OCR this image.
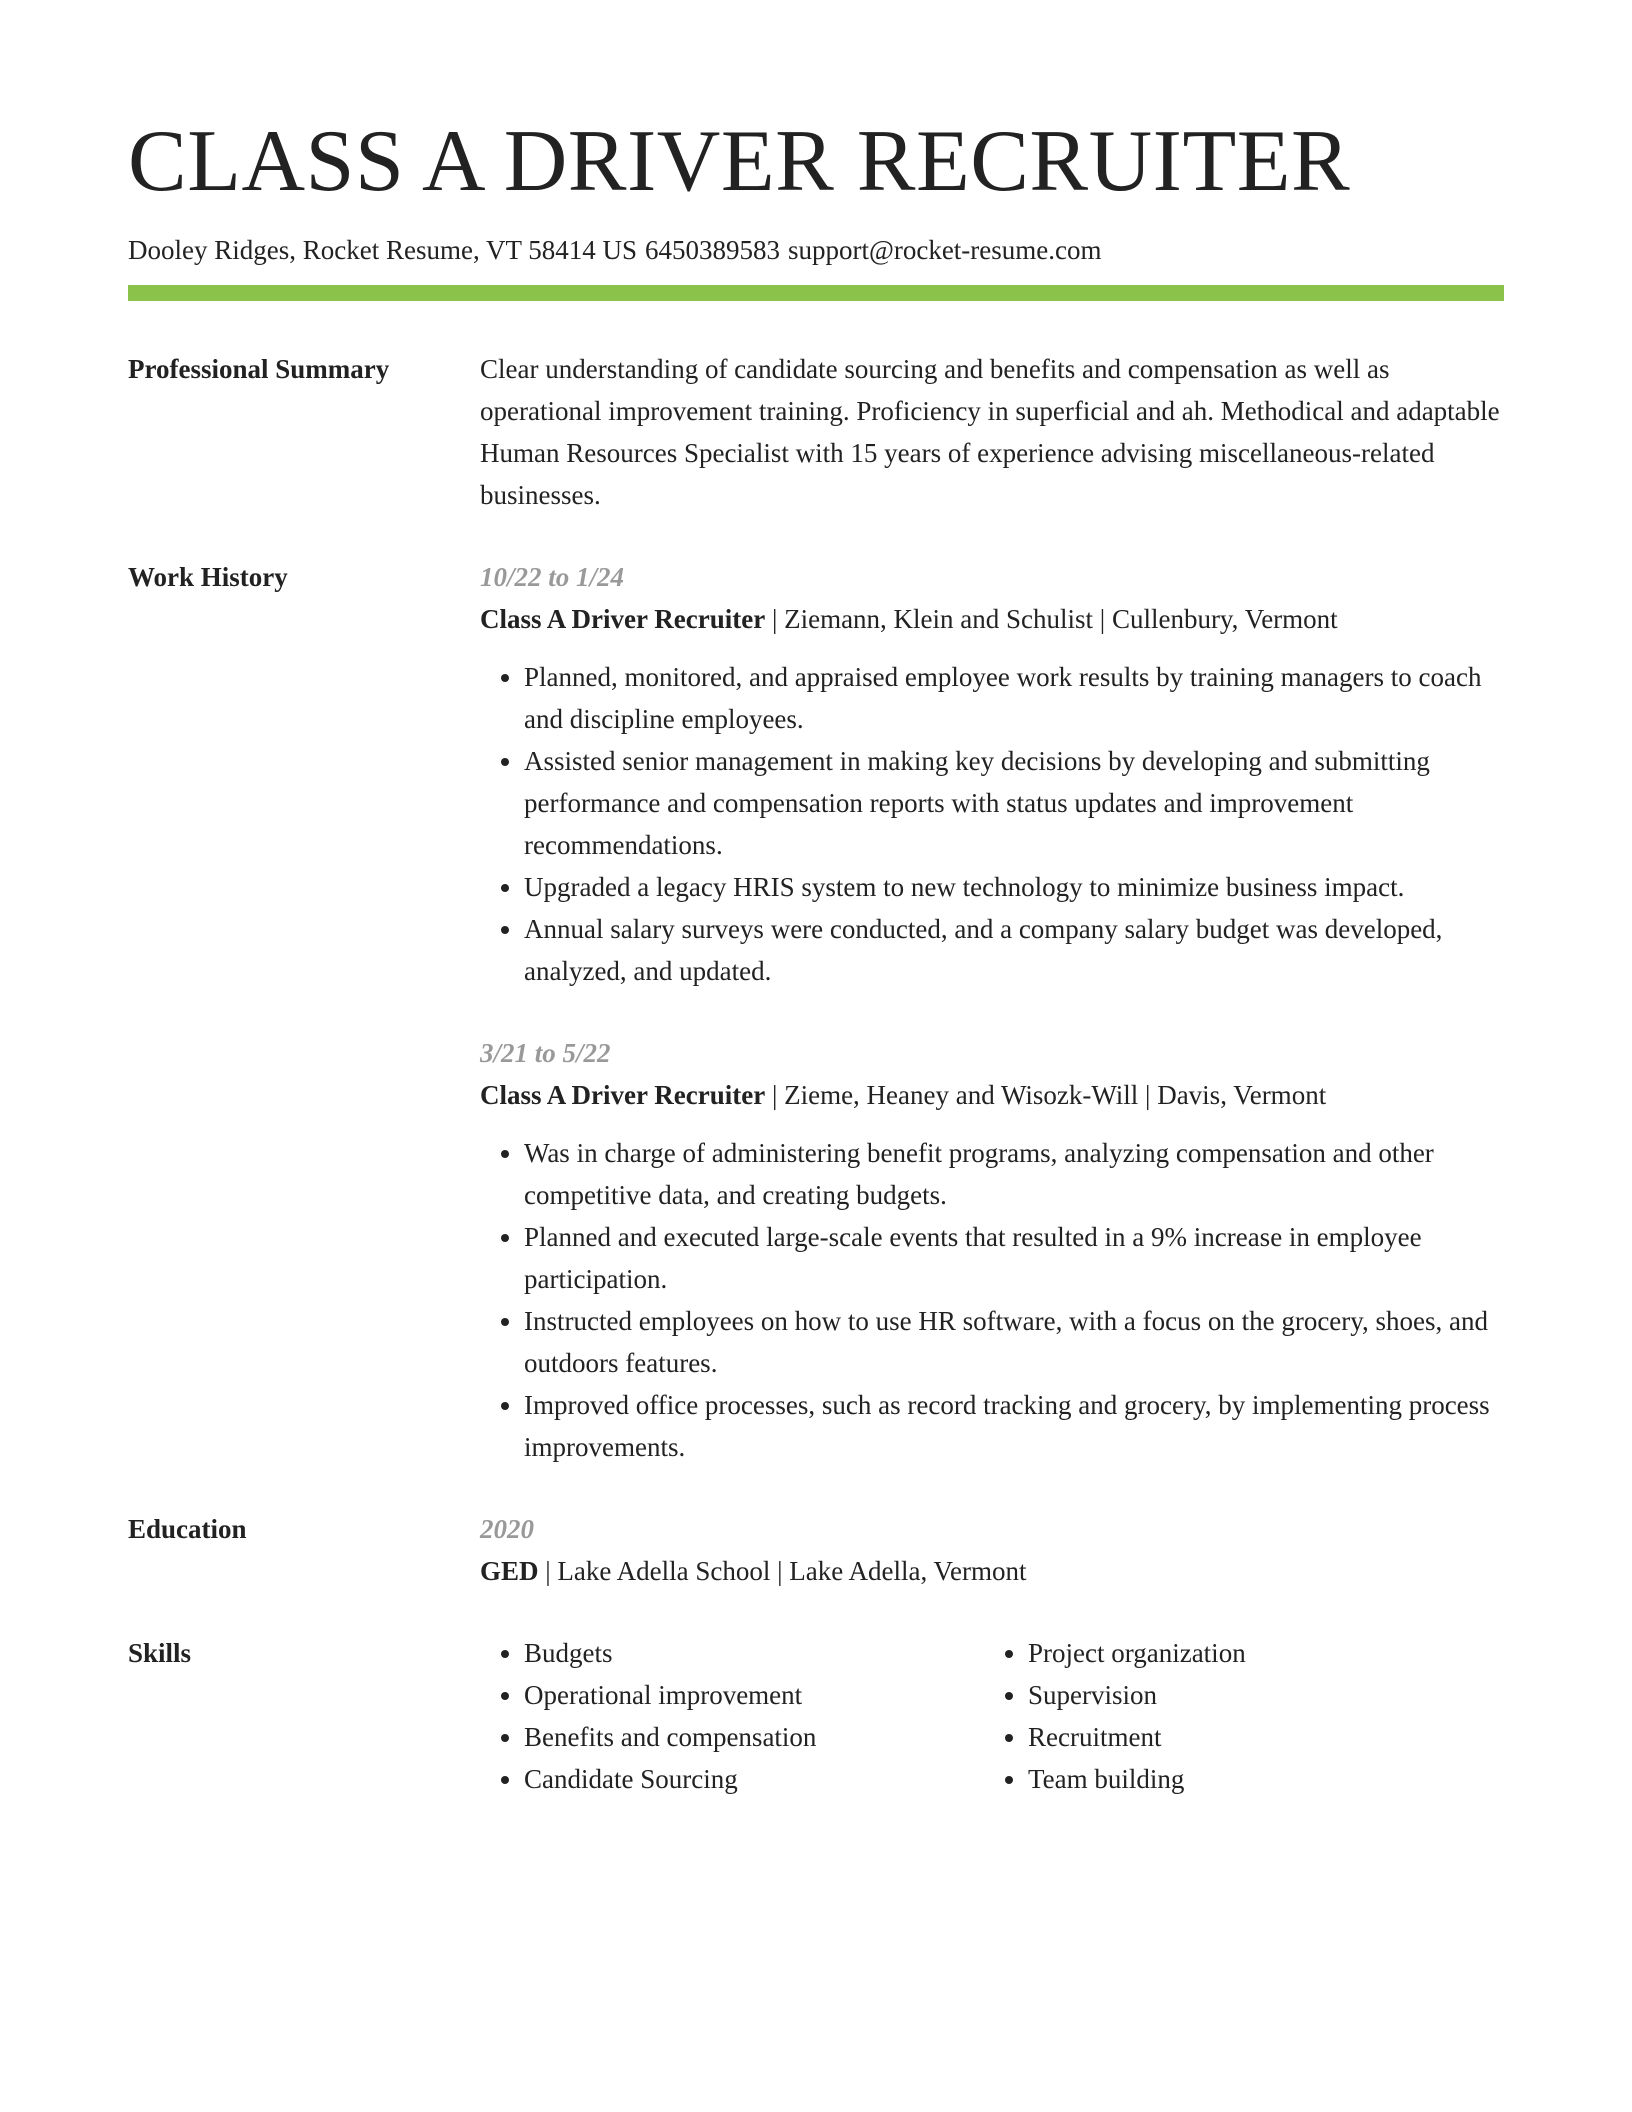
CLASS A DRIVER RECRUITER
Dooley Ridges, Rocket Resume, VT 58414 US 6450389583 support@rocket-resume.com
Professional Summary	Clear understanding of candidate sourcing and benefits and compensation as well as operational improvement training. Proficiency in superficial and ah. Methodical and adaptable Human Resources Specialist with 15 years of experience advising miscellaneous-related businesses.

Work History	10/22 to 1/24
Class A Driver Recruiter | Ziemann, Klein and Schulist | Cullenbury, Vermont
• Planned, monitored, and appraised employee work results by training managers to coach and discipline employees.
• Assisted senior management in making key decisions by developing and submitting performance and compensation reports with status updates and improvement recommendations.
• Upgraded a legacy HRIS system to new technology to minimize business impact.
• Annual salary surveys were conducted, and a company salary budget was developed, analyzed, and updated.
3/21 to 5/22
Class A Driver Recruiter | Zieme, Heaney and Wisozk-Will | Davis, Vermont
• Was in charge of administering benefit programs, analyzing compensation and other competitive data, and creating budgets.
• Planned and executed large-scale events that resulted in a 9% increase in employee participation.
• Instructed employees on how to use HR software, with a focus on the grocery, shoes, and outdoors features.
• Improved office processes, such as record tracking and grocery, by implementing process improvements.
Education	2020
GED | Lake Adella School | Lake Adella, Vermont
Skills
•	Budgets
• Operational improvement
• Benefits and compensation
• Candidate Sourcing
• Project organization
• Supervision
• Recruitment
• Team building
